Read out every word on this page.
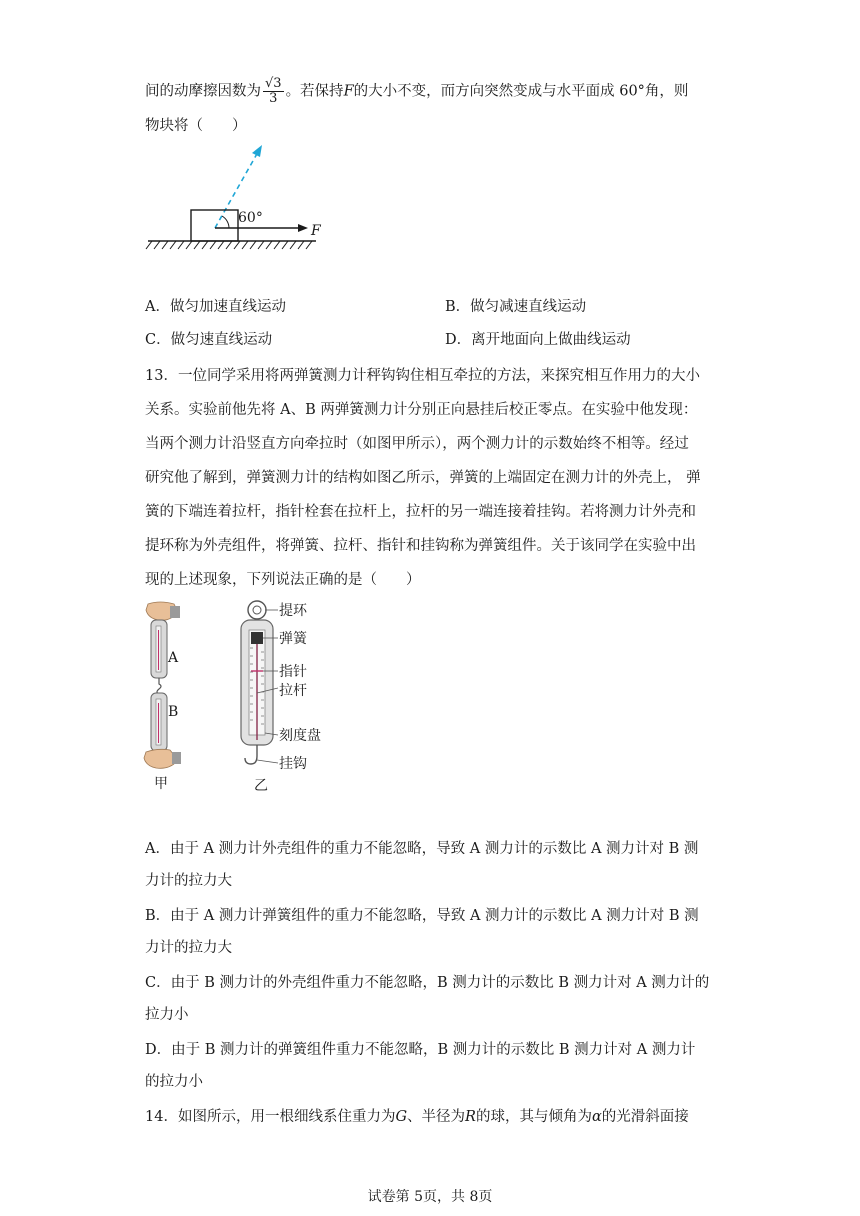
间的动摩擦因数为 $\frac{√3}{3}$ 。若保持F的大小不变，而方向突然变成与水平面成 60°角，则
物块将（　　）
60°
F
A．做匀加速直线运动	B．做匀减速直线运动
C．做匀速直线运动	D．离开地面向上做曲线运动
13．一位同学采用将两弹簧测力计秤钩钩住相互牵拉的方法，来探究相互作用力的大小
关系。实验前他先将 A、B 两弹簧测力计分别正向悬挂后校正零点。在实验中他发现：
当两个测力计沿竖直方向牵拉时（如图甲所示），两个测力计的示数始终不相等。经过
研究他了解到，弹簧测力计的结构如图乙所示，弹簧的上端固定在测力计的外壳上， 弹
簧的下端连着拉杆，指针栓套在拉杆上，拉杆的另一端连接着挂钩。若将测力计外壳和
提环称为外壳组件，将弹簧、拉杆、指针和挂钩称为弹簧组件。关于该同学在实验中出
现的上述现象，下列说法正确的是（　　）
A
B
甲
提环
弹簧
指针
拉杆
刻度盘
挂钩
乙
A．由于 A 测力计外壳组件的重力不能忽略，导致 A 测力计的示数比 A 测力计对 B 测
力计的拉力大
B．由于 A 测力计弹簧组件的重力不能忽略，导致 A 测力计的示数比 A 测力计对 B 测
力计的拉力大
C．由于 B 测力计的外壳组件重力不能忽略，B 测力计的示数比 B 测力计对 A 测力计的
拉力小
D．由于 B 测力计的弹簧组件重力不能忽略，B 测力计的示数比 B 测力计对 A 测力计
的拉力小
14．如图所示，用一根细线系住重力为G、半径为R的球，其与倾角为α的光滑斜面接
试卷第 5页，共 8页
